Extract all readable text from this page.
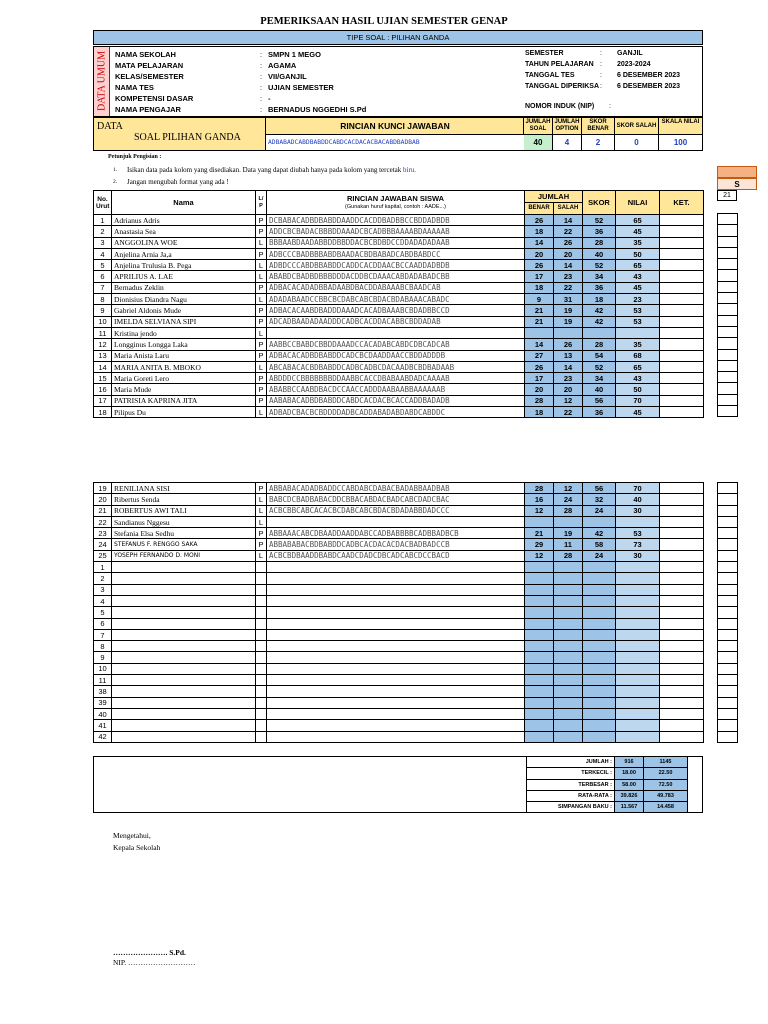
PEMERIKSAAN HASIL UJIAN SEMESTER GENAP
TIPE SOAL : PILIHAN GANDA
DATA UMUM NAMA SEKOLAH	: SMPN 1 MEGO
MATA PELAJARAN	: AGAMA
KELAS/SEMESTER	: VII/GANJIL
NAMA TES	: UJIAN SEMESTER
KOMPETENSI DASAR	: -
NAMA PENGAJAR	: BERNADUS NGGEDHI S.Pd
SEMESTER	: GANJIL
TAHUN PELAJARAN : 2023-2024
TANGGAL TES	: 6 DESEMBER 2023
TANGGAL DIPERIKSA : 6 DESEMBER 2023
NOMOR INDUK (NIP) :
DATA
SOAL PILIHAN GANDA
RINCIAN KUNCI JAWABAN
ADBABADCABDBABDDCABDCACDACACBACABDBADBAB
JUMLAH SOAL
40
JUMLAH OPTION
4
SKOR BENAR
2
SKOR SALAH
0
SKALA NILAI
100
Petunjuk Pengisian :
1. Isikan data pada kolom yang disediakan. Data yang dapat diubah hanya pada kolom yang tercetak biru.
2. Jangan mengubah format yang ada !	S
21
No. Urut	Nama	L/ P	RINCIAN JAWABAN SISWA
(Gunakan huruf kapital, contoh : AADE...)	JUMLAH		SKOR	NILAI	KET.
				BENAR	SALAH			
1	Adrianus Adris	P	DCBABACADBDBABDDAADDCACDDBADBBCCBDDADBDB	26	14	52	65	
2	Anastasia Sea	P	ADDCBCBADACBBBDDAAADCBCADBBBAAAABDAAAAAB	18	22	36	45	
3	ANGGOLINA WOE	L	BBBAABDAADABBDDBBDDACBCBDBDCCDDADADADAAB	14	26	28	35	
4	Anjelina Arnia Ja,a	P	ADBCCCBADBBBABDBAADACBDBABADCABDBABDCC	20	20	40	50	
5	Anjelina Trulusia B. Pega	L	ADBDCCCABDBBABDDCADDCACDDAACBCCAADDADBDB	26	14	52	65	
6	APRILIUS A. LAE	L	ABABDCBADBDBBBDDDACDDBCDAAACABDADABADCBB	17	23	34	43	
7	Bernadus Zeklin	P	ADBACACADADBBADAABDBACDDABAAABCBAADCAB	18	22	36	45	
8	Dionisius Diandra Nagu	L	ADADABAADCCBBCBCDABCABCBDACBDABAAACABADC	9	31	18	23	
9	Gabriel Aldonis Mude	P	ADBACACAABDBADDDAAADCACADBAAABCBDADBBCCD	21	19	42	53	
10	IMELDA SELVIANA SIPI	P	ADCADBAADADAADDDCADBCACDDACABBCBDDADAB	21	19	42	53	
11	Kristina jendo	L						
12	Longginus Longga Laka	P	AABBCCBABDCBBDDAAADCCACADABCABDCDBCADCAB	14	26	28	35	
13	Maria Anista Laru	P	ADBACACADBDBABDDCADCBCDAADDAACCBDDADDDB	27	13	54	68	
14	MARIA ANITA B. MBOKO	L	ABCABACACBDBABDDCADBCADBCDACAADBCBDBADAAB	26	14	52	65	
15	Maria Goreti Lero	P	ABDDDCCBBBBBBBDDAABBCACCDBABAABDADCAAAAB	17	23	34	43	
16	Maria Mude	P	ABABBCCAABDBACDCCAACCADDDAABAABBAAAAAAB	20	20	40	50	
17	PATRISIA KAPRINA JITA	P	AABABACADBDBABDDCABDCACDACBCACCADDBADADB	28	12	56	70	
18	Pilipus Du	L	ADBADCBACBCBDDDDADBCADDABADABDABDCABDDC	18	22	36	45	

19	RENILIANA SISI	P	ABBABACADADBADDCCABDABCDABACBADABBAADBAB	28	12	56	70	
20	Ribertus Senda	L	BABCDCBADBABACDDCBBACABDACBADCABCDADCBAC	16	24	32	40	
21	ROBERTUS AWI TALI	L	ACBCBBCABCACACBCDABCABCBDACBDADABBDADCCC	12	28	24	30	
22	Sandianus Nggesu	L						
23	Stefania Elsa Sedhu	P	ABBAAACABCDBAADDAADDABCCADBABBBBCADBBADBCB	21	19	42	53	
24	STEFANUS F. RENGGO SAKA	P	ABBABABACBDBABDDCADBCACDACACDACBADBADCCB	29	11	58	73	
25	YOSEPH FERNANDO D. MONI	L	ACBCBDBAADDBABDCAADCDADCDBCADCABCDCCBACD	12	28	24	30	
1								
2								
3								
4								
5								
6								
7								
8								
9								
10								
11								
38								
39								
40								
41								
42								

JUMLAH :	916	1145
TERKECIL :	18.00	22.50
TERBESAR :	58.00	72.50
RATA-RATA :	39.826	49.783
SIMPANGAN BAKU :	11.567	14.458
Mengetahui,
Kepala Sekolah
…………………. S.Pd.
NIP. ………………………
